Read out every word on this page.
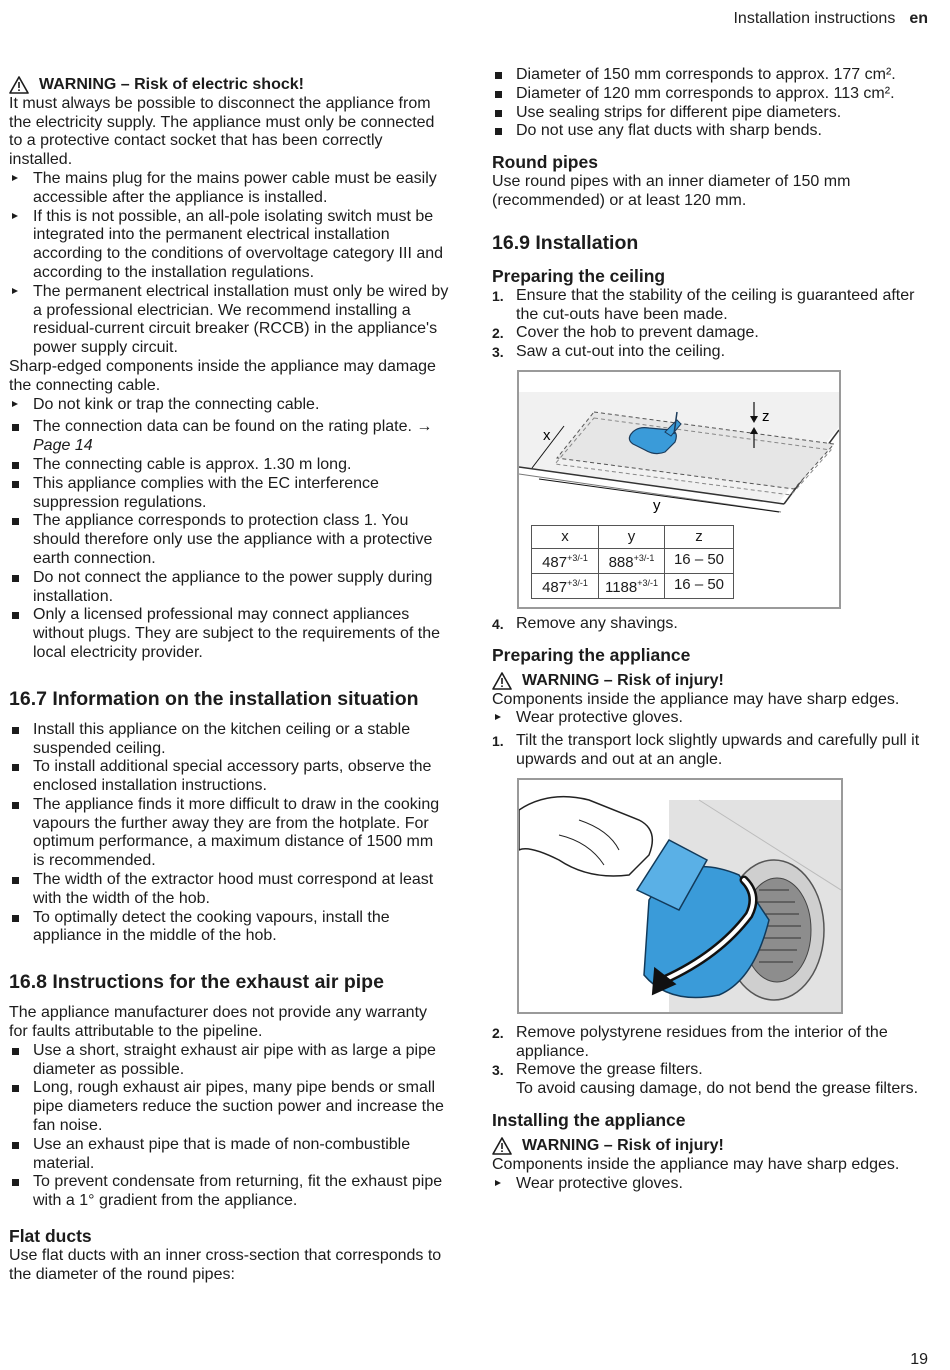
Installation instructions en
WARNING – Risk of electric shock!

It must always be possible to disconnect the appliance from the electricity supply. The appliance must only be connected to a protective contact socket that has been correctly installed.

The mains plug for the mains power cable must be easily accessible after the appliance is installed.
If this is not possible, an all-pole isolating switch must be integrated into the permanent electrical installation according to the conditions of overvoltage category III and according to the installation regulations.
The permanent electrical installation must only be wired by a professional electrician. We recommend installing a residual-current circuit breaker (RCCB) in the appliance's power supply circuit.

Sharp-edged components inside the appliance may damage the connecting cable.

Do not kink or trap the connecting cable.
The connection data can be found on the rating plate. → Page 14
The connecting cable is approx. 1.30 m long.
This appliance complies with the EC interference suppression regulations.
The appliance corresponds to protection class 1. You should therefore only use the appliance with a protective earth connection.
Do not connect the appliance to the power supply during installation.
Only a licensed professional may connect appliances without plugs. They are subject to the requirements of the local electricity provider.
16.7 Information on the installation situation
Install this appliance on the kitchen ceiling or a stable suspended ceiling.
To install additional special accessory parts, observe the enclosed installation instructions.
The appliance finds it more difficult to draw in the cooking vapours the further away they are from the hotplate. For optimum performance, a maximum distance of 1500 mm is recommended.
The width of the extractor hood must correspond at least with the width of the hob.
To optimally detect the cooking vapours, install the appliance in the middle of the hob.
16.8 Instructions for the exhaust air pipe

The appliance manufacturer does not provide any warranty for faults attributable to the pipeline.

Use a short, straight exhaust air pipe with as large a pipe diameter as possible.
Long, rough exhaust air pipes, many pipe bends or small pipe diameters reduce the suction power and increase the fan noise.
Use an exhaust pipe that is made of non-combustible material.
To prevent condensate from returning, fit the exhaust pipe with a 1° gradient from the appliance.
Flat ducts

Use flat ducts with an inner cross-section that corresponds to the diameter of the round pipes:

Diameter of 150 mm corresponds to approx. 177 cm².
Diameter of 120 mm corresponds to approx. 113 cm².
Use sealing strips for different pipe diameters.
Do not use any flat ducts with sharp bends.
Round pipes

Use round pipes with an inner diameter of 150 mm (recommended) or at least 120 mm.

16.9 Installation
Preparing the ceiling
1. Ensure that the stability of the ceiling is guaranteed after the cut-outs have been made.
2. Cover the hob to prevent damage.
3. Saw a cut-out into the ceiling.
x
y
z
x	y	z
$487^{+3/-1}$	$888^{+3/-1}$	16 – 50
$487^{+3/-1}$	$1188^{+3/-1}$	16 – 50
4. Remove any shavings.
Preparing the appliance
WARNING – Risk of injury!

Components inside the appliance may have sharp edges.

Wear protective gloves.
1. Tilt the transport lock slightly upwards and carefully pull it upwards and out at an angle.
2. Remove polystyrene residues from the interior of the appliance.
3. Remove the grease filters.
To avoid causing damage, do not bend the grease filters.
Installing the appliance
WARNING – Risk of injury!

Components inside the appliance may have sharp edges.

Wear protective gloves.
19
